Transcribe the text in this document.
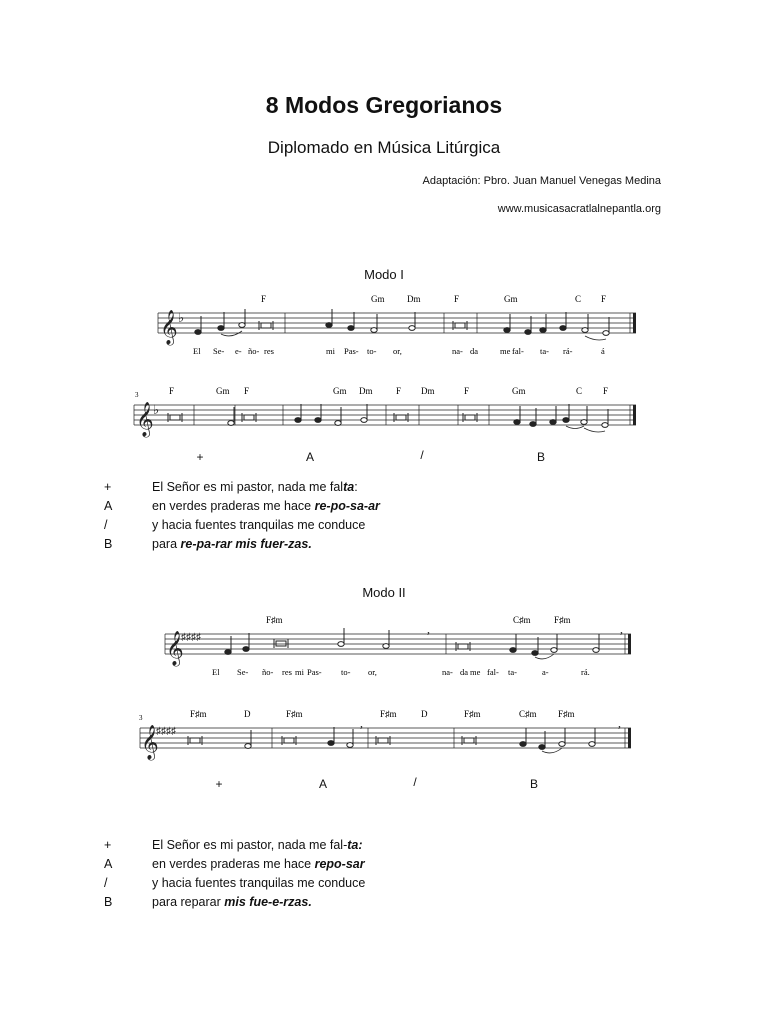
8 Modos Gregorianos
Diplomado en Música Litúrgica
Adaptación: Pbro. Juan Manuel Venegas Medina
www.musicasacratlalnepantla.org
Modo I
𝄞 ♭
𝄞 ♭
𝄞
♯♯♯♯
,	,
𝄞
♯♯♯♯
,	,
F	Gm	Dm	F	Gm	C F
El Se- e- ño- res	mi Pas- to- or,	na- da	me fal- ta- rá-	á
F	Gm F	Gm Dm	F Dm	F	Gm	C F
F♯m	C♯m	F♯m
El Se- ño- res mi Pas- to- or,	na- da me fal- ta-	a-	rá.
F♯m	D	F♯m	F♯m	D	F♯m	C♯m F♯m
3
3
+	A	/	B
+	El Señor es mi pastor, nada me falta:
A	en verdes praderas me hace re-po-sa-ar
/	y hacia fuentes tranquilas me conduce
B	para re-pa-rar mis fuer-zas.
Modo II
+	A	/	B
+	El Señor es mi pastor, nada me fal-ta:
A	en verdes praderas me hace repo-sar
/	y hacia fuentes tranquilas me conduce
B	para reparar mis fue-e-rzas.
